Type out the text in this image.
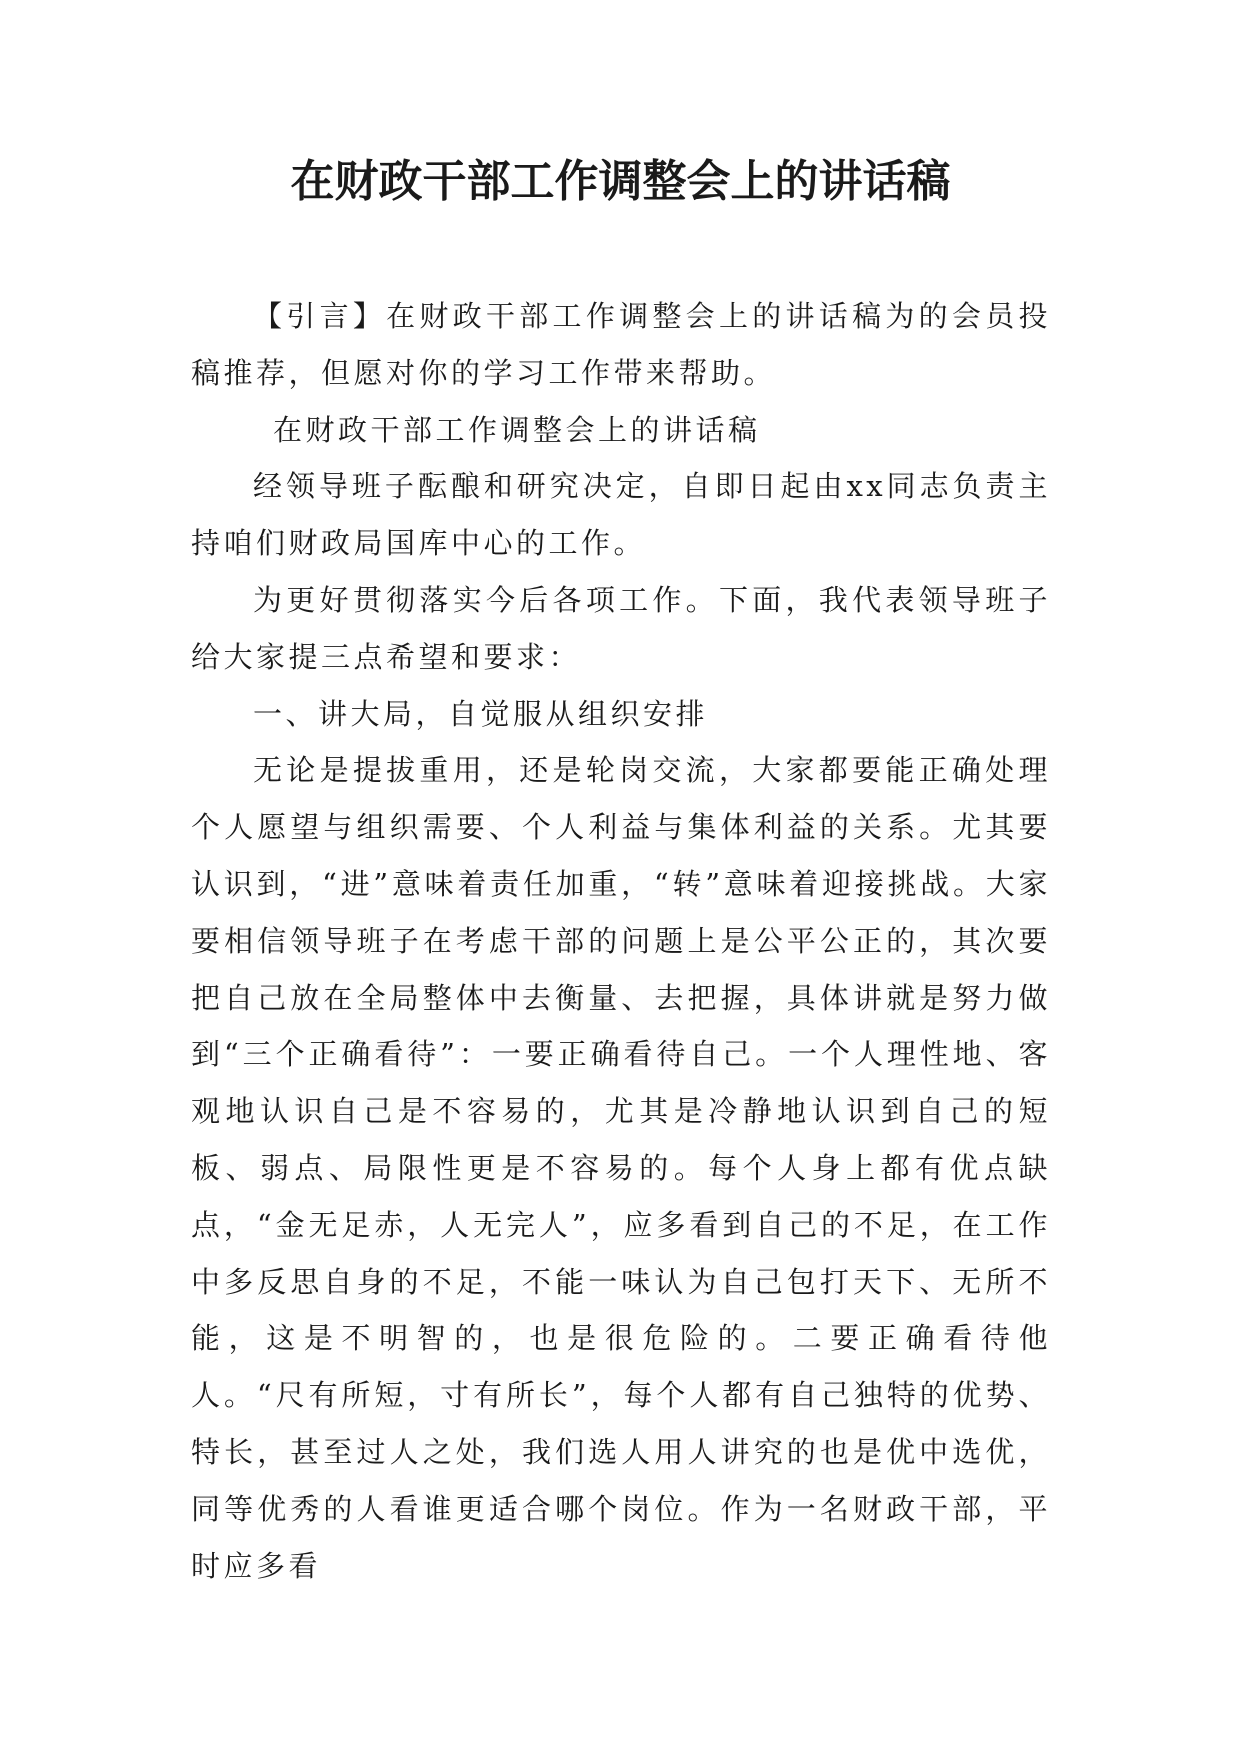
在财政干部工作调整会上的讲话稿

【引言】在财政干部工作调整会上的讲话稿为的会员投稿推荐，但愿对你的学习工作带来帮助。

在财政干部工作调整会上的讲话稿

经领导班子酝酿和研究决定，自即日起由xx同志负责主持咱们财政局国库中心的工作。

为更好贯彻落实今后各项工作。下面，我代表领导班子给大家提三点希望和要求：

一、讲大局，自觉服从组织安排

无论是提拔重用，还是轮岗交流，大家都要能正确处理个人愿望与组织需要、个人利益与集体利益的关系。尤其要认识到，“进”意味着责任加重，“转”意味着迎接挑战。大家要相信领导班子在考虑干部的问题上是公平公正的，其次要把自己放在全局整体中去衡量、去把握，具体讲就是努力做到“三个正确看待”：一要正确看待自己。一个人理性地、客观地认识自己是不容易的，尤其是冷静地认识到自己的短板、弱点、局限性更是不容易的。每个人身上都有优点缺点，“金无足赤，人无完人”，应多看到自己的不足，在工作中多反思自身的不足，不能一味认为自己包打天下、无所不能，这是不明智的，也是很危险的。二要正确看待他人。“尺有所短，寸有所长”，每个人都有自己独特的优势、特长，甚至过人之处，我们选人用人讲究的也是优中选优，同等优秀的人看谁更适合哪个岗位。作为一名财政干部，平时应多看
